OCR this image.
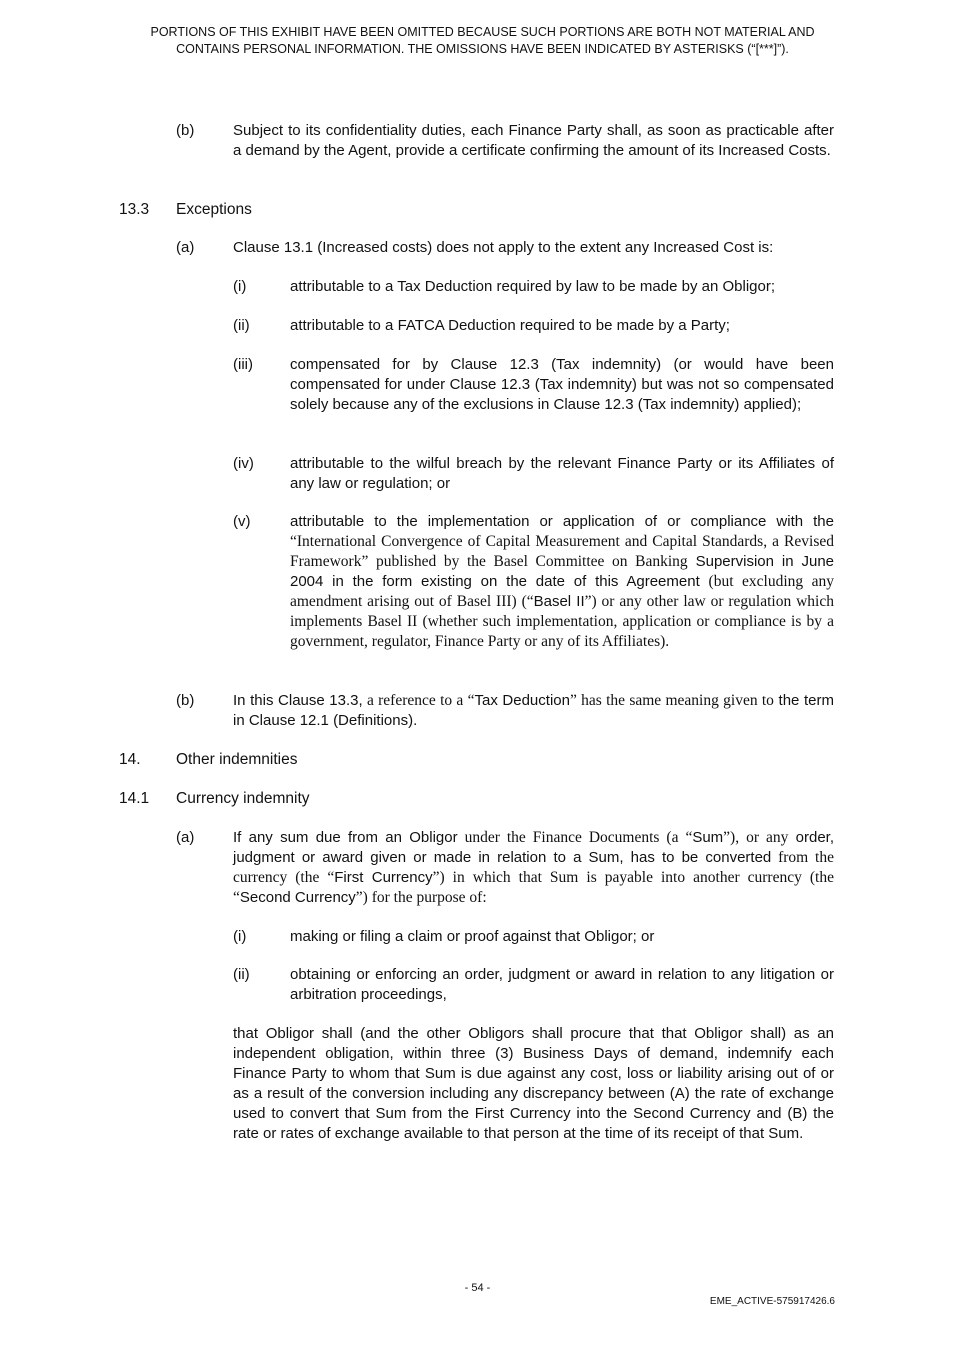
PORTIONS OF THIS EXHIBIT HAVE BEEN OMITTED BECAUSE SUCH PORTIONS ARE BOTH NOT MATERIAL AND
CONTAINS PERSONAL INFORMATION. THE OMISSIONS HAVE BEEN INDICATED BY ASTERISKS (“[***]”).
(b)	Subject to its confidentiality duties, each Finance Party shall, as soon as practicable after a demand by the Agent, provide a certificate confirming the amount of its Increased Costs.
13.3 Exceptions
(a)	Clause 13.1 (Increased costs) does not apply to the extent any Increased Cost is:
(i)	attributable to a Tax Deduction required by law to be made by an Obligor;
(ii)	attributable to a FATCA Deduction required to be made by a Party;
(iii) compensated for by Clause 12.3 (Tax indemnity) (or would have been compensated for under Clause 12.3 (Tax indemnity) but was not so compensated solely because any of the exclusions in Clause 12.3 (Tax indemnity) applied);
(iv) attributable to the wilful breach by the relevant Finance Party or its Affiliates of any law or regulation; or
(v)	attributable to the implementation or application of or compliance with the “International Convergence of Capital Measurement and Capital Standards, a Revised Framework” published by the Basel Committee on Banking Supervision in June 2004 in the form existing on the date of this Agreement (but excluding any amendment arising out of Basel III) (“Basel II”) or any other law or regulation which implements Basel II (whether such implementation, application or compliance is by a government, regulator, Finance Party or any of its Affiliates).
(b)	In this Clause 13.3, a reference to a “Tax Deduction” has the same meaning given to the term in Clause 12.1 (Definitions).
14. Other indemnities
14.1 Currency indemnity
(a)	If any sum due from an Obligor under the Finance Documents (a “Sum”), or any order, judgment or award given or made in relation to a Sum, has to be converted from the currency (the “First Currency”) in which that Sum is payable into another currency (the “Second Currency”) for the purpose of:
(i)	making or filing a claim or proof against that Obligor; or
(ii)	obtaining or enforcing an order, judgment or award in relation to any litigation or arbitration proceedings,
that Obligor shall (and the other Obligors shall procure that that Obligor shall) as an independent obligation, within three (3) Business Days of demand, indemnify each Finance Party to whom that Sum is due against any cost, loss or liability arising out of or as a result of the conversion including any discrepancy between (A) the rate of exchange used to convert that Sum from the First Currency into the Second Currency and (B) the rate or rates of exchange available to that person at the time of its receipt of that Sum.
- 54 -
EME_ACTIVE-575917426.6
